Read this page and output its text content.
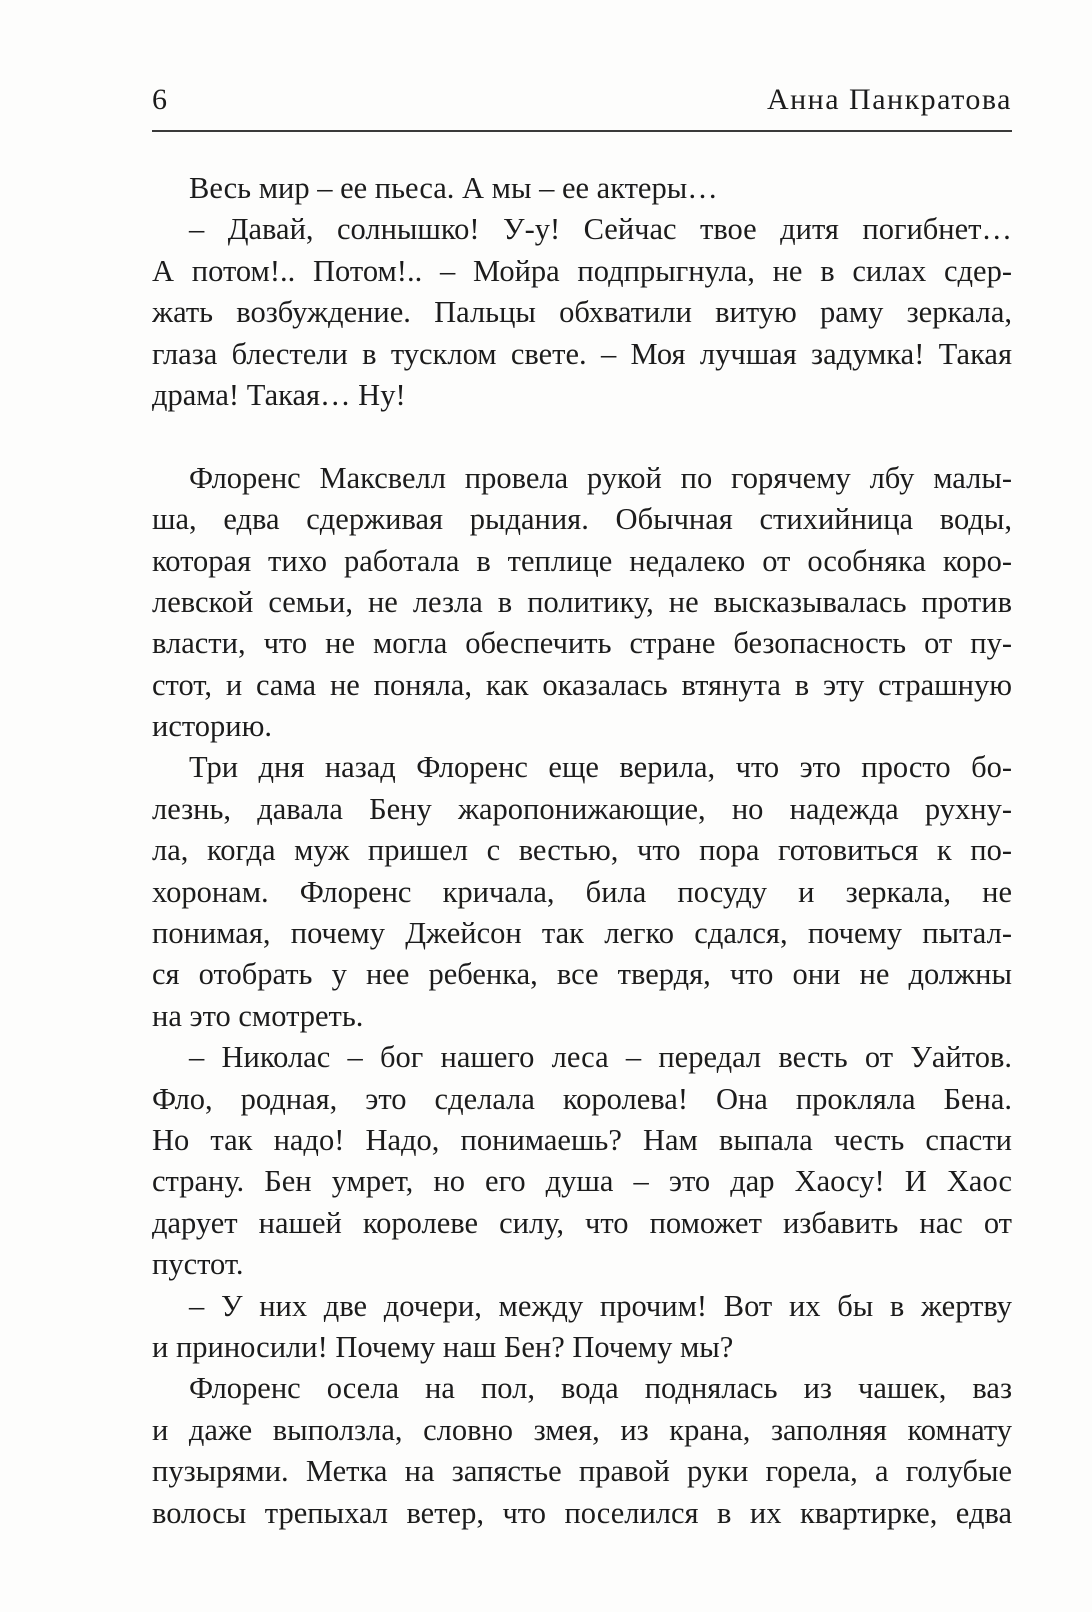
6	Анна Панкратова
Весь мир – ее пьеса. А мы – ее актеры…
– Давай, солнышко! У-у! Сейчас твое дитя погибнет…
А потом!.. Потом!.. – Мойра подпрыгнула, не в силах сдер-
жать возбуждение. Пальцы обхватили витую раму зеркала,
глаза блестели в тусклом свете. – Моя лучшая задумка! Такая
драма! Такая… Ну!
Флоренс Максвелл провела рукой по горячему лбу малы-
ша, едва сдерживая рыдания. Обычная стихийница воды,
которая тихо работала в теплице недалеко от особняка коро-
левской семьи, не лезла в политику, не высказывалась против
власти, что не могла обеспечить стране безопасность от пу-
стот, и сама не поняла, как оказалась втянута в эту страшную
историю.
Три дня назад Флоренс еще верила, что это просто бо-
лезнь, давала Бену жаропонижающие, но надежда рухну-
ла, когда муж пришел с вестью, что пора готовиться к по-
хоронам. Флоренс кричала, била посуду и зеркала, не
понимая, почему Джейсон так легко сдался, почему пытал-
ся отобрать у нее ребенка, все твердя, что они не должны
на это смотреть.
– Николас – бог нашего леса – передал весть от Уайтов.
Фло, родная, это сделала королева! Она прокляла Бена.
Но так надо! Надо, понимаешь? Нам выпала честь спасти
страну. Бен умрет, но его душа – это дар Хаосу! И Хаос
дарует нашей королеве силу, что поможет избавить нас от
пустот.
– У них две дочери, между прочим! Вот их бы в жертву
и приносили! Почему наш Бен? Почему мы?
Флоренс осела на пол, вода поднялась из чашек, ваз
и даже выползла, словно змея, из крана, заполняя комнату
пузырями. Метка на запястье правой руки горела, а голубые
волосы трепыхал ветер, что поселился в их квартирке, едва
